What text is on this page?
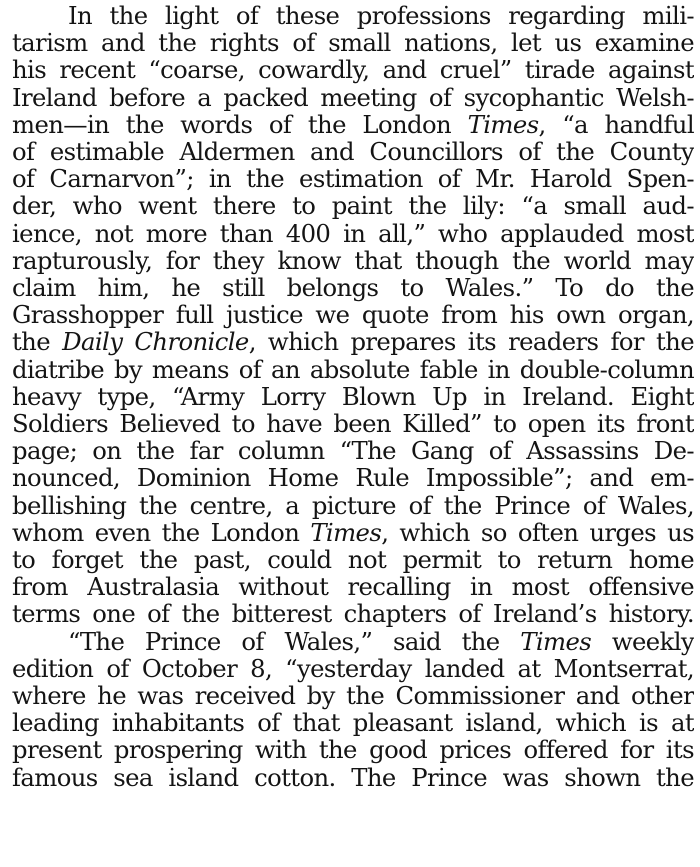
In the light of these professions regarding mili-
tarism and the rights of small nations, let us examine
his recent “coarse, cowardly, and cruel” tirade against
Ireland before a packed meeting of sycophantic Welsh-
men—in the words of the London Times, “a handful
of estimable Aldermen and Councillors of the County
of Carnarvon”; in the estimation of Mr. Harold Spen-
der, who went there to paint the lily: “a small aud-
ience, not more than 400 in all,” who applauded most
rapturously, for they know that though the world may
claim him, he still belongs to Wales.” To do the
Grasshopper full justice we quote from his own organ,
the Daily Chronicle, which prepares its readers for the
diatribe by means of an absolute fable in double-column
heavy type, “Army Lorry Blown Up in Ireland. Eight
Soldiers Believed to have been Killed” to open its front
page; on the far column “The Gang of Assassins De-
nounced, Dominion Home Rule Impossible”; and em-
bellishing the centre, a picture of the Prince of Wales,
whom even the London Times, which so often urges us
to forget the past, could not permit to return home
from Australasia without recalling in most offensive
terms one of the bitterest chapters of Ireland’s history.
“The Prince of Wales,” said the Times weekly
edition of October 8, “yesterday landed at Montserrat,
where he was received by the Commissioner and other
leading inhabitants of that pleasant island, which is at
present prospering with the good prices offered for its
famous sea island cotton. The Prince was shown the
